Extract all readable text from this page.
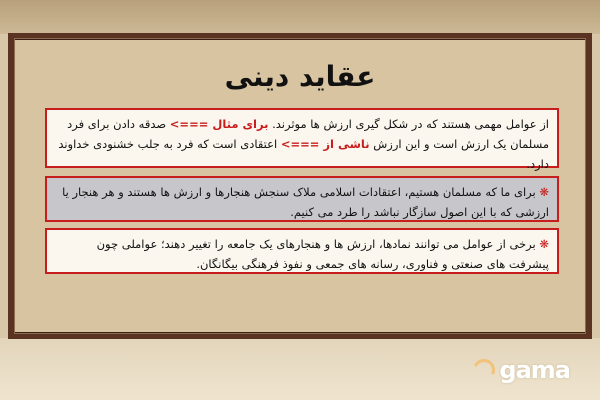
عقاید دینی
از عوامل مهمی هستند که در شکل گیری ارزش ها موثرند. برای مثال ===> صدقه دادن برای فرد مسلمان یک ارزش است و این ارزش ناشی از ===> اعتقادی است که فرد به جلب خشنودی خداوند دارد.
❋ برای ما که مسلمان هستیم، اعتقادات اسلامی ملاک سنجش هنجارها و ارزش ها هستند و هر هنجار یا ارزشی که با این اصول سازگار نباشد را طرد می کنیم.
❋ برخی از عوامل می توانند نمادها، ارزش ها و هنجارهای یک جامعه را تغییر دهند؛ عواملی چون پیشرفت های صنعتی و فناوری، رسانه های جمعی و نفوذ فرهنگی بیگانگان.
gama
